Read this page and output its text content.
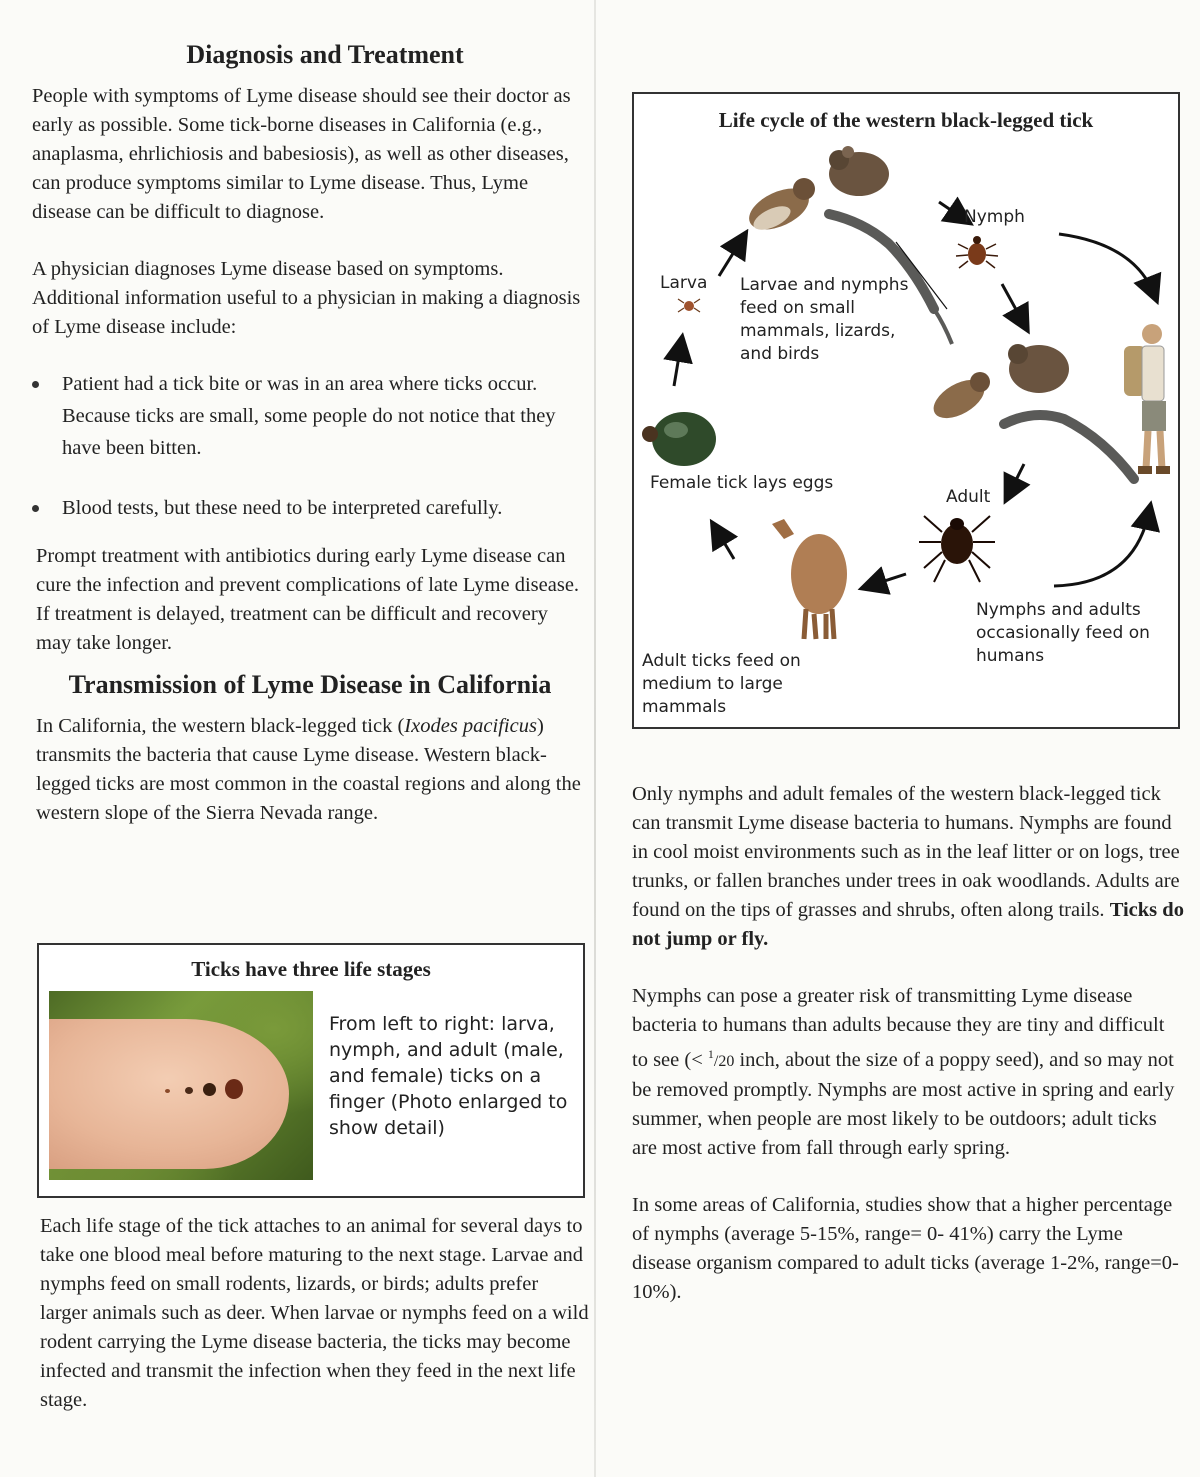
Diagnosis and Treatment

People with symptoms of Lyme disease should see their doctor as early as possible. Some tick-borne diseases in California (e.g., anaplasma, ehrlichiosis and babesiosis), as well as other diseases, can produce symptoms similar to Lyme disease. Thus, Lyme disease can be difficult to diagnose.

A physician diagnoses Lyme disease based on symptoms. Additional information useful to a physician in making a diagnosis of Lyme disease include:

Patient had a tick bite or was in an area where ticks occur. Because ticks are small, some people do not notice that they have been bitten.
Blood tests, but these need to be interpreted carefully.

Prompt treatment with antibiotics during early Lyme disease can cure the infection and prevent complications of late Lyme disease. If treatment is delayed, treatment can be difficult and recovery may take longer.

Transmission of Lyme Disease in California

In California, the western black-legged tick (Ixodes pacificus) transmits the bacteria that cause Lyme disease. Western black-legged ticks are most common in the coastal regions and along the western slope of the Sierra Nevada range.

Ticks have three life stages
From left to right: larva, nymph, and adult (male, and female) ticks on a finger (Photo enlarged to show detail)

Each life stage of the tick attaches to an animal for several days to take one blood meal before maturing to the next stage. Larvae and nymphs feed on small rodents, lizards, or birds; adults prefer larger animals such as deer. When larvae or nymphs feed on a wild rodent carrying the Lyme disease bacteria, the ticks may become infected and transmit the infection when they feed in the next life stage.

Life cycle of the western black-legged tick
Nymph
Larva Larvae and nymphs feed on small mammals, lizards, and birds
Female tick lays eggs
Adult
Nymphs and adults occasionally feed on humans
Adult ticks feed on medium to large mammals

Only nymphs and adult females of the western black-legged tick can transmit Lyme disease bacteria to humans. Nymphs are found in cool moist environments such as in the leaf litter or on logs, tree trunks, or fallen branches under trees in oak woodlands. Adults are found on the tips of grasses and shrubs, often along trails. Ticks do not jump or fly.

Nymphs can pose a greater risk of transmitting Lyme disease bacteria to humans than adults because they are tiny and difficult to see (< $^1$/20 inch, about the size of a poppy seed), and so may not be removed promptly. Nymphs are most active in spring and early summer, when people are most likely to be outdoors; adult ticks are most active from fall through early spring.

In some areas of California, studies show that a higher percentage of nymphs (average 5-15%, range= 0- 41%) carry the Lyme disease organism compared to adult ticks (average 1-2%, range=0-10%).
